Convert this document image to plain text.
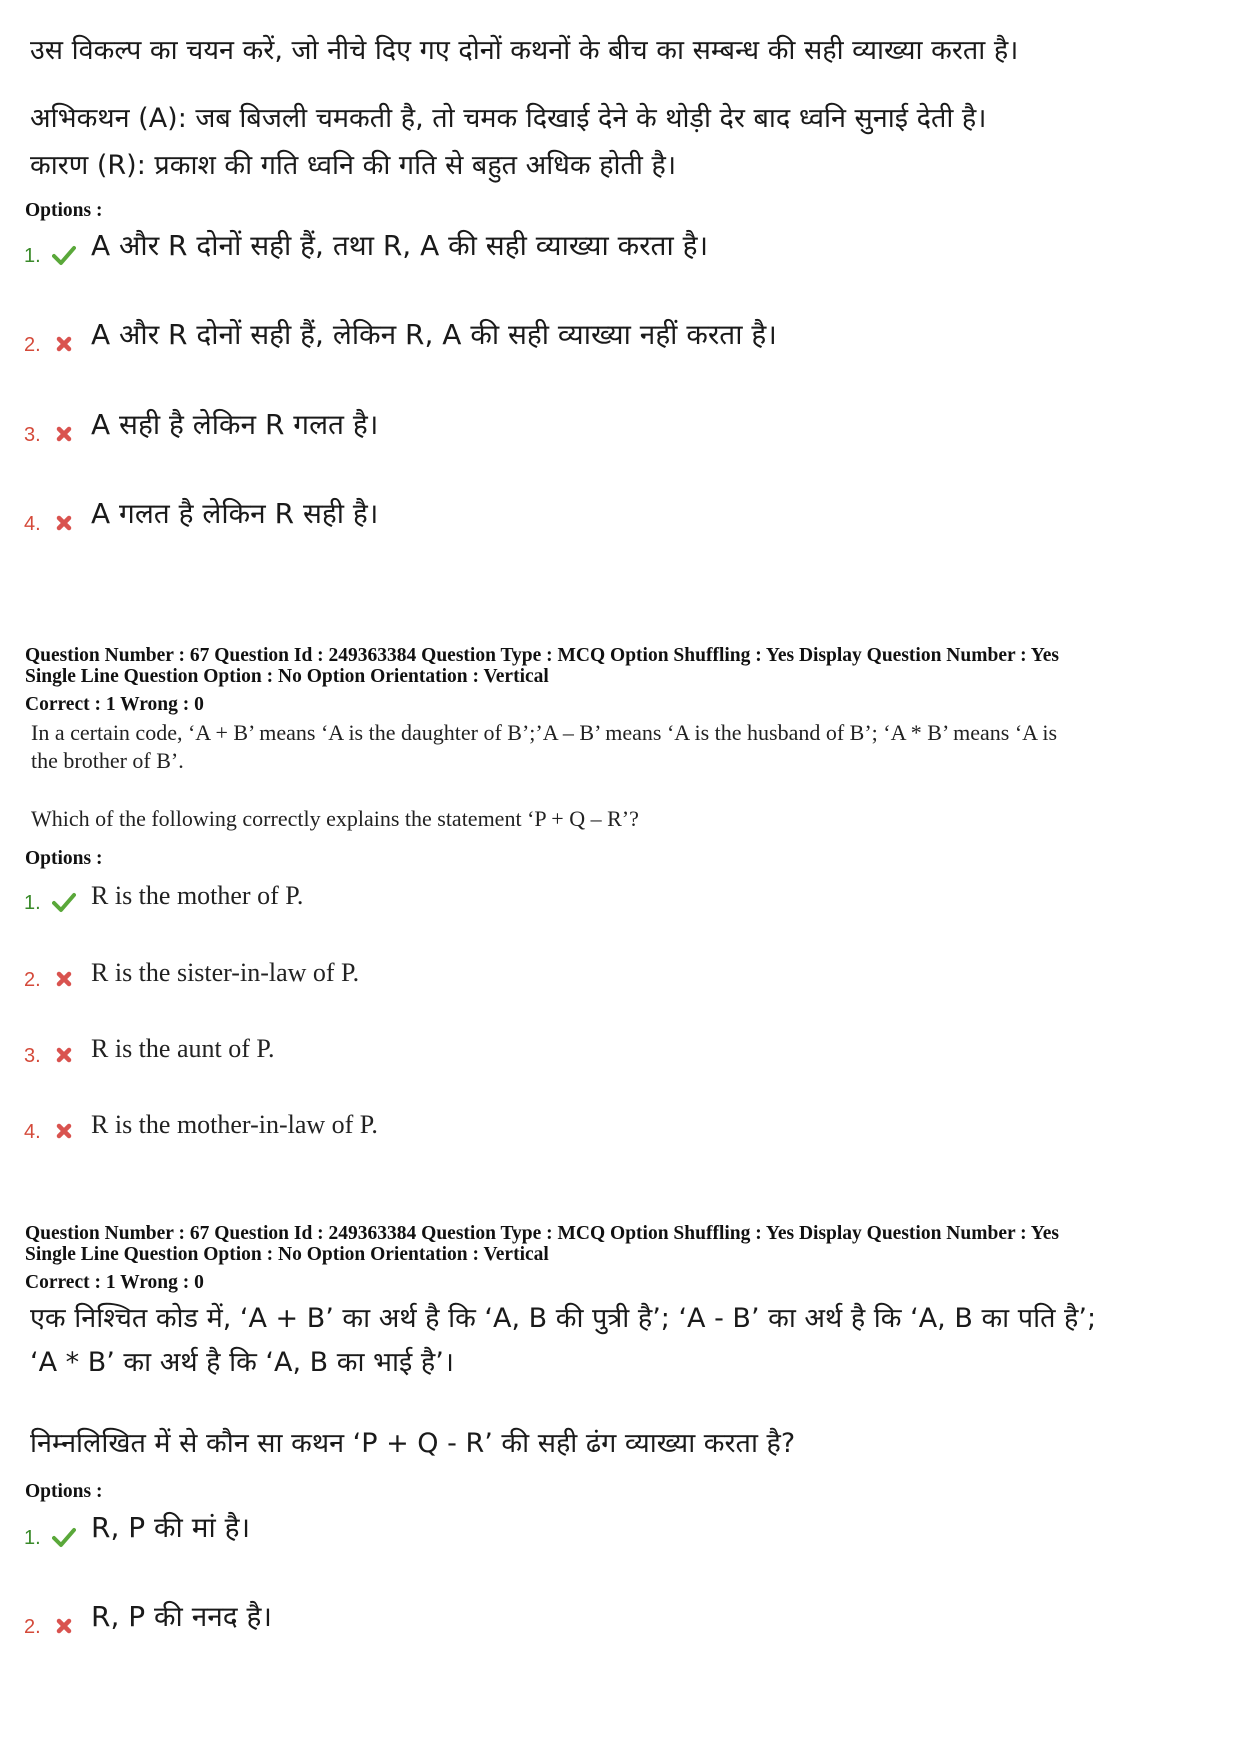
उस विकल्प का चयन करें, जो नीचे दिए गए दोनों कथनों के बीच का सम्बन्ध की सही व्याख्या करता है।
अभिकथन (A): जब बिजली चमकती है, तो चमक दिखाई देने के थोड़ी देर बाद ध्वनि सुनाई देती है।
कारण (R): प्रकाश की गति ध्वनि की गति से बहुत अधिक होती है।
Options :
1. A और R दोनों सही हैं, तथा R, A की सही व्याख्या करता है।
2. A और R दोनों सही हैं, लेकिन R, A की सही व्याख्या नहीं करता है।
3. A सही है लेकिन R गलत है।
4. A गलत है लेकिन R सही है।
Question Number : 67 Question Id : 249363384 Question Type : MCQ Option Shuffling : Yes Display Question Number : Yes
Single Line Question Option : No Option Orientation : Vertical
Correct : 1 Wrong : 0
In a certain code, ‘A + B’ means ‘A is the daughter of B’;’A – B’ means ‘A is the husband of B’; ‘A * B’ means ‘A is
the brother of B’.
Which of the following correctly explains the statement ‘P + Q – R’?
Options :
1. R is the mother of P.
2. R is the sister-in-law of P.
3. R is the aunt of P.
4. R is the mother-in-law of P.
Question Number : 67 Question Id : 249363384 Question Type : MCQ Option Shuffling : Yes Display Question Number : Yes
Single Line Question Option : No Option Orientation : Vertical
Correct : 1 Wrong : 0
एक निश्चित कोड में, ‘A + B’ का अर्थ है कि ‘A, B की पुत्री है’; ‘A - B’ का अर्थ है कि ‘A, B का पति है’;
‘A * B’ का अर्थ है कि ‘A, B का भाई है’।
निम्नलिखित में से कौन सा कथन ‘P + Q - R’ की सही ढंग व्याख्या करता है?
Options :
1. R, P की मां है।
2. R, P की ननद है।
